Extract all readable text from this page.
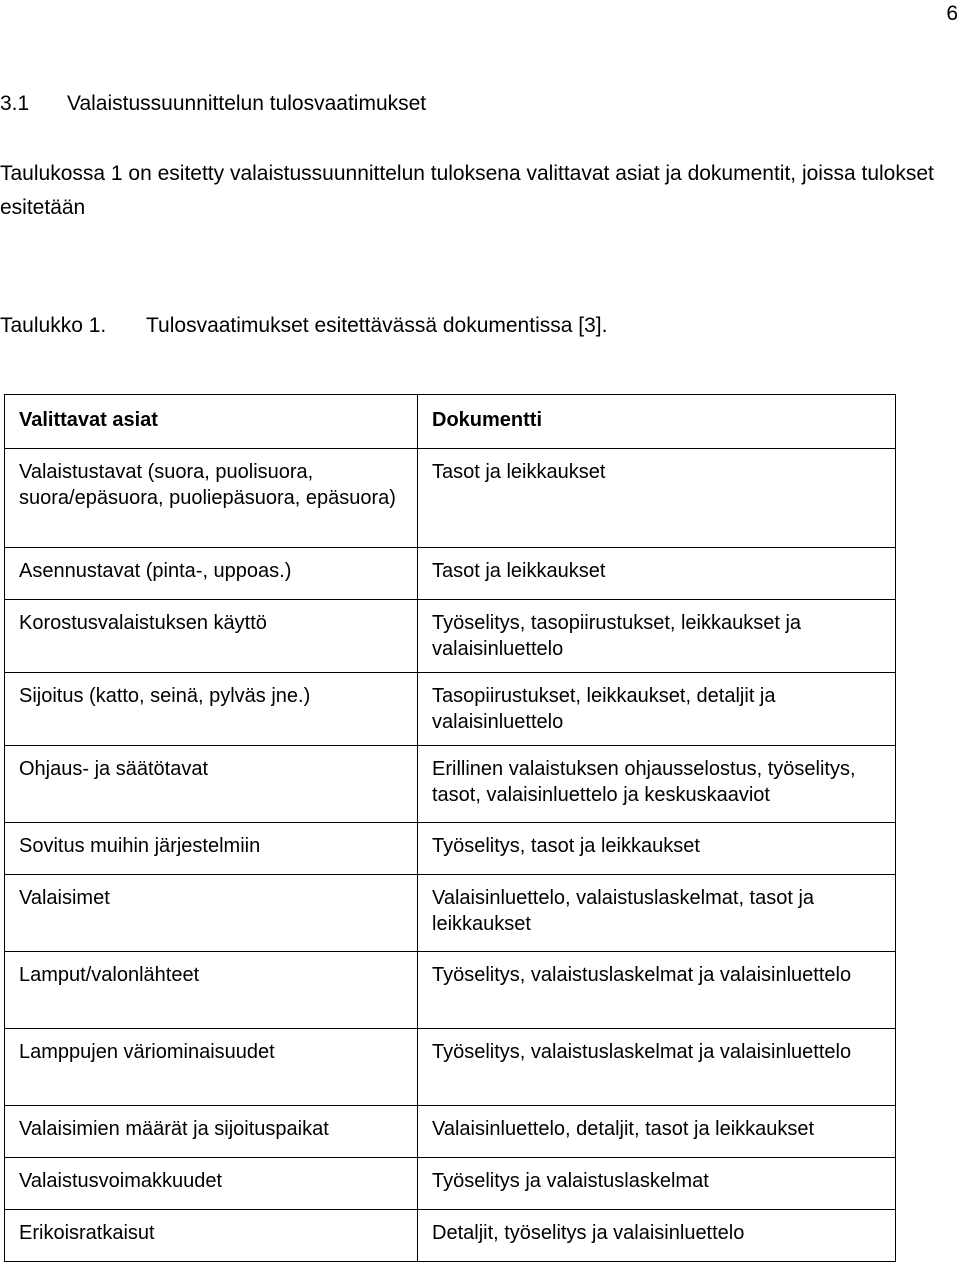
6
3.1 Valaistussuunnittelun tulosvaatimukset
Taulukossa 1 on esitetty valaistussuunnittelun tuloksena valittavat asiat ja dokumentit, joissa tulokset esitetään
Taulukko 1. Tulosvaatimukset esitettävässä dokumentissa [3].
Valittavat asiat	Dokumentti
Valaistustavat (suora, puolisuora, suora/epäsuora, puoliepäsuora, epäsuora)	Tasot ja leikkaukset
Asennustavat (pinta-, uppoas.)	Tasot ja leikkaukset
Korostusvalaistuksen käyttö	Työselitys, tasopiirustukset, leikkaukset ja valaisinluettelo
Sijoitus (katto, seinä, pylväs jne.)	Tasopiirustukset, leikkaukset, detaljit ja valaisinluettelo
Ohjaus- ja säätötavat	Erillinen valaistuksen ohjausselostus, työselitys, tasot, valaisinluettelo ja keskuskaaviot
Sovitus muihin järjestelmiin	Työselitys, tasot ja leikkaukset
Valaisimet	Valaisinluettelo, valaistuslaskelmat, tasot ja leikkaukset
Lamput/valonlähteet	Työselitys, valaistuslaskelmat ja valaisinluettelo
Lamppujen väriominaisuudet	Työselitys, valaistuslaskelmat ja valaisinluettelo
Valaisimien määrät ja sijoituspaikat	Valaisinluettelo, detaljit, tasot ja leikkaukset
Valaistusvoimakkuudet	Työselitys ja valaistuslaskelmat
Erikoisratkaisut	Detaljit, työselitys ja valaisinluettelo
